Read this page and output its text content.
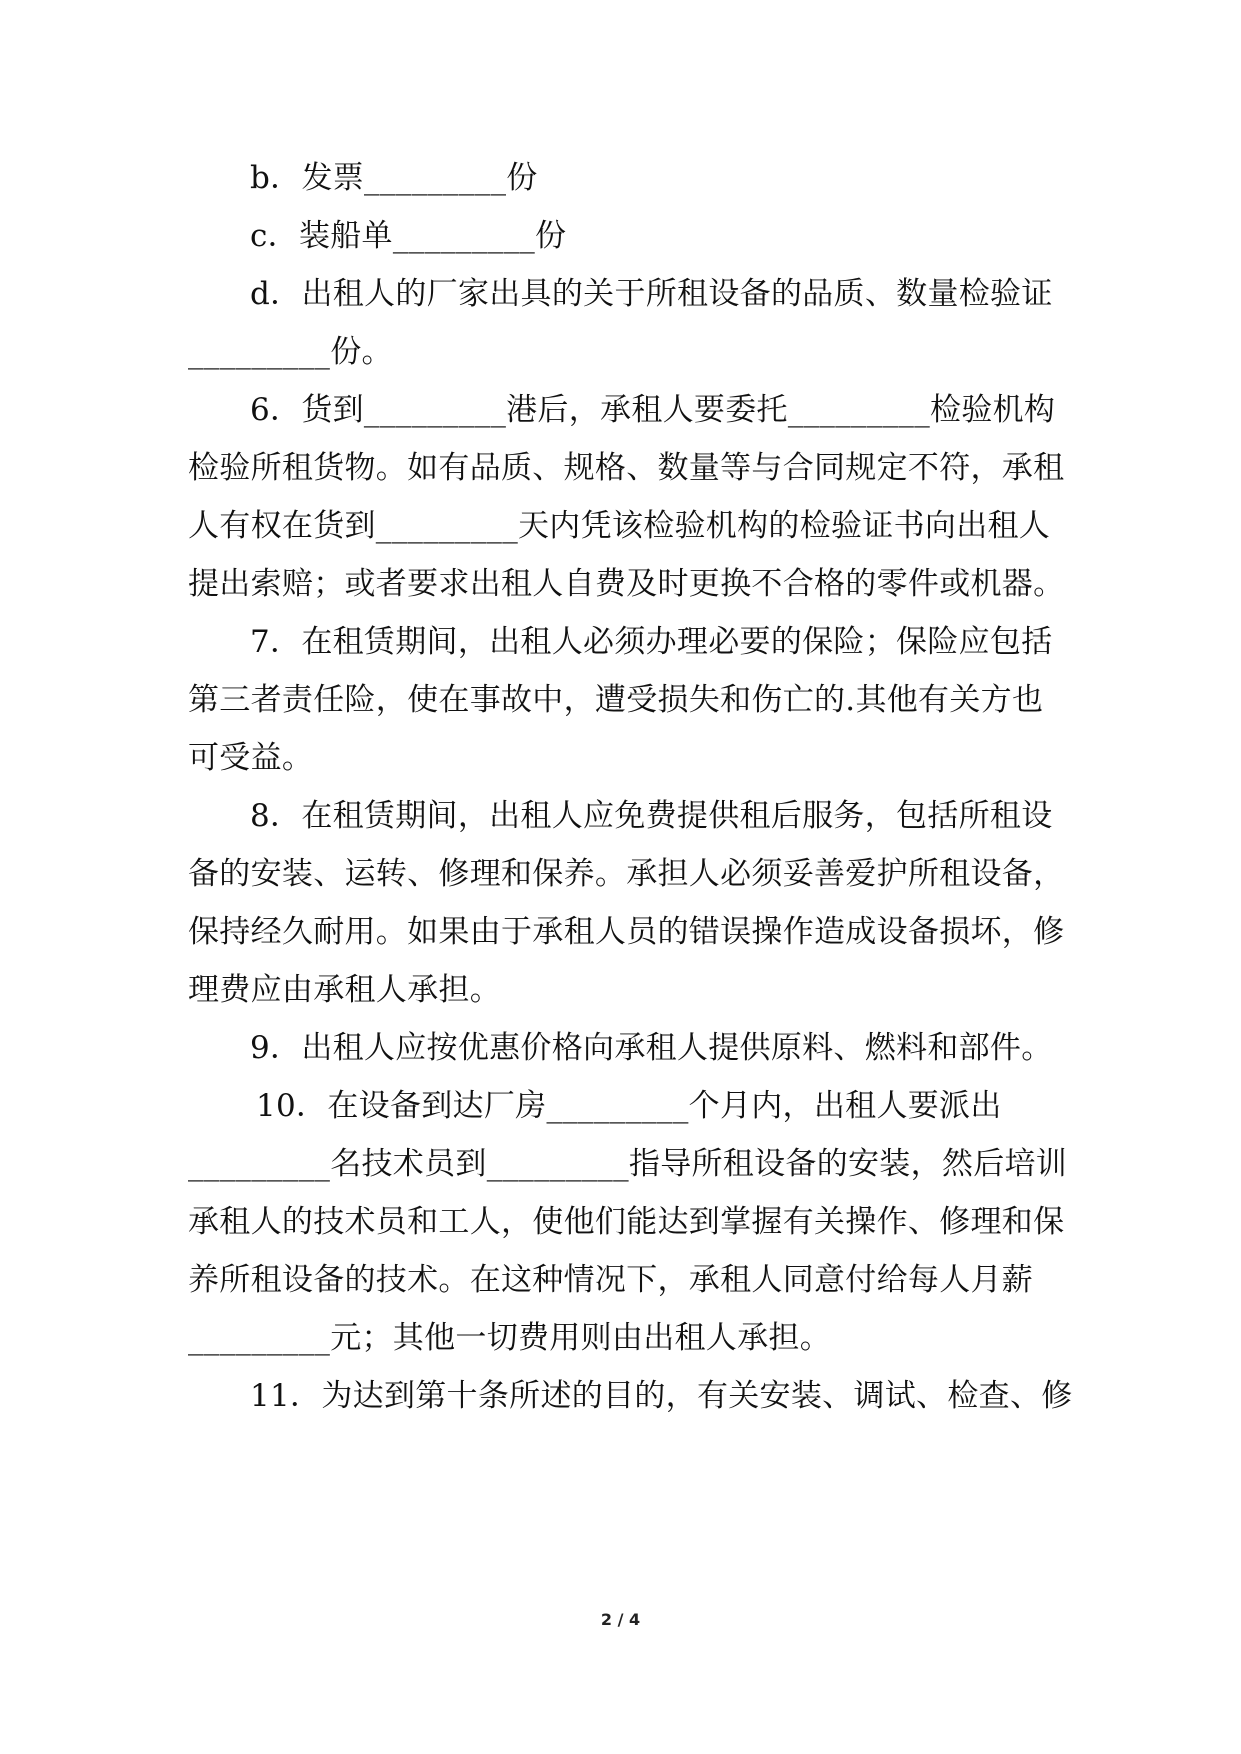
b．发票_________份
c．装船单_________份
d．出租人的厂家出具的关于所租设备的品质、数量检验证
_________份。
6．货到_________港后，承租人要委托_________检验机构
检验所租货物。如有品质、规格、数量等与合同规定不符，承租
人有权在货到_________天内凭该检验机构的检验证书向出租人
提出索赔；或者要求出租人自费及时更换不合格的零件或机器。
7．在租赁期间，出租人必须办理必要的保险；保险应包括
第三者责任险，使在事故中，遭受损失和伤亡的.其他有关方也
可受益。
8．在租赁期间，出租人应免费提供租后服务，包括所租设
备的安装、运转、修理和保养。承担人必须妥善爱护所租设备，
保持经久耐用。如果由于承租人员的错误操作造成设备损坏，修
理费应由承租人承担。
9．出租人应按优惠价格向承租人提供原料、燃料和部件。
10．在设备到达厂房_________个月内，出租人要派出
_________名技术员到_________指导所租设备的安装，然后培训
承租人的技术员和工人，使他们能达到掌握有关操作、修理和保
养所租设备的技术。在这种情况下，承租人同意付给每人月薪
_________元；其他一切费用则由出租人承担。
11．为达到第十条所述的目的，有关安装、调试、检查、修
2 / 4
